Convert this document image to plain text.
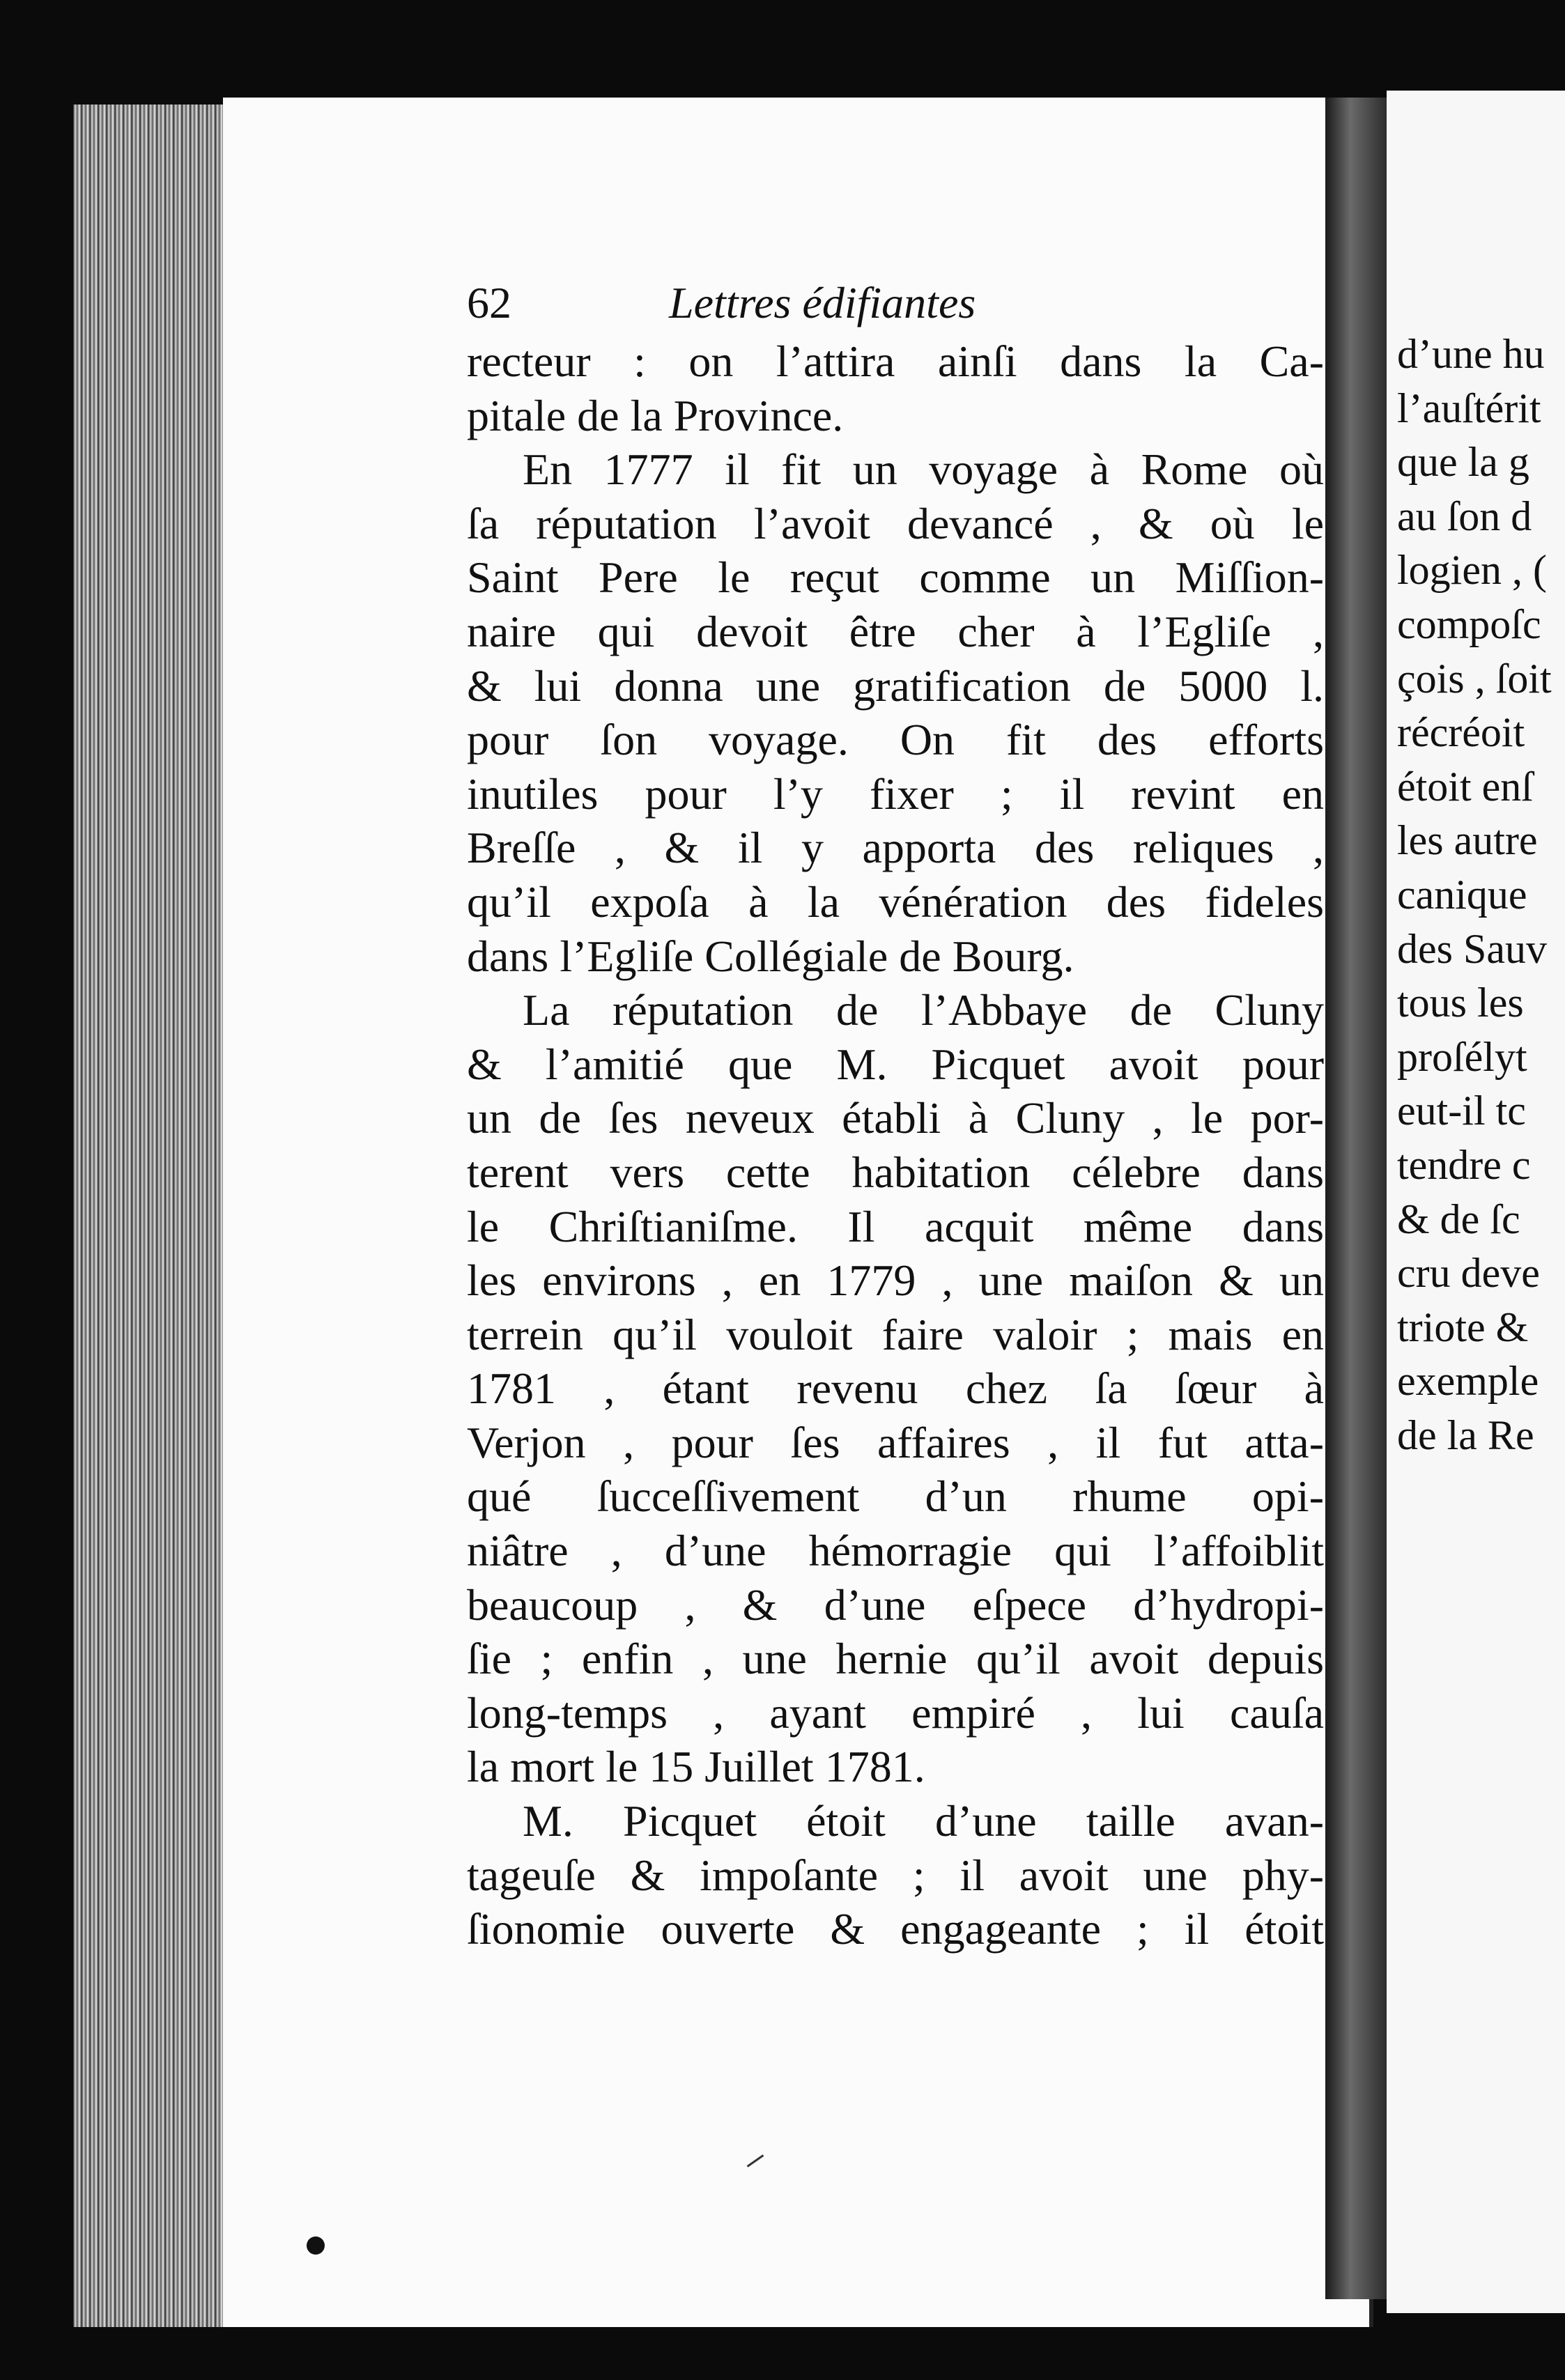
62	Lettres édifiantes
recteur : on l’attira ainſi dans la Ca-
pitale de la Province.
En 1777 il fit un voyage à Rome où
ſa réputation l’avoit devancé , & où le
Saint Pere le reçut comme un Miſſion-
naire qui devoit être cher à l’Egliſe ,
& lui donna une gratification de 5000 l.
pour ſon voyage. On fit des efforts
inutiles pour l’y fixer ; il revint en
Breſſe , & il y apporta des reliques ,
qu’il expoſa à la vénération des fideles
dans l’Egliſe Collégiale de Bourg.
La réputation de l’Abbaye de Cluny
& l’amitié que M. Picquet avoit pour
un de ſes neveux établi à Cluny , le por-
terent vers cette habitation célebre dans
le Chriſtianiſme. Il acquit même dans
les environs , en 1779 , une maiſon & un
terrein qu’il vouloit faire valoir ; mais en
1781 , étant revenu chez ſa ſœur à
Verjon , pour ſes affaires , il fut atta-
qué ſucceſſivement d’un rhume opi-
niâtre , d’une hémorragie qui l’affoiblit
beaucoup , & d’une eſpece d’hydropi-
ſie ; enfin , une hernie qu’il avoit depuis
long-temps , ayant empiré , lui cauſa
la mort le 15 Juillet 1781.
M. Picquet étoit d’une taille avan-
tageuſe & impoſante ; il avoit une phy-
ſionomie ouverte & engageante ; il étoit
d’une hu
l’auſtérit
que la g
au ſon d
logien , (
compoſc
çois , ſoit
récréoit
étoit enſ
les autre
canique
des Sauv
tous les
proſélyt
eut-il tc
tendre c
& de ſc
cru deve
triote &
exemple
de la Re
